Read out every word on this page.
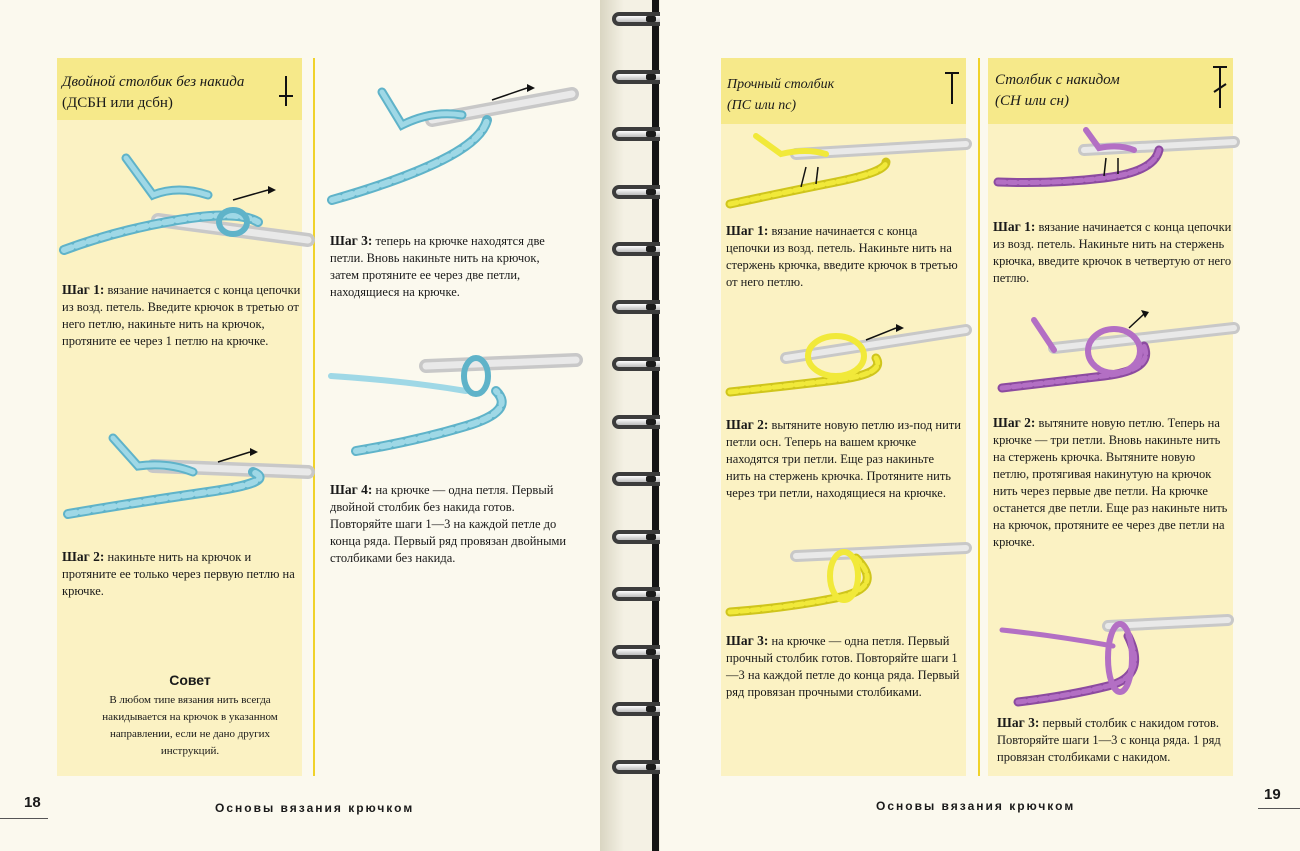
Двойной столбик без накида
(ДСБН или дсбн)
Шаг 1: вязание начинается с конца цепочки из возд. петель. Введите крючок в третью от него петлю, накиньте нить на крючок, протяните ее через 1 петлю на крючке.
Шаг 2: накиньте нить на крючок и протяните ее только через первую петлю на крючке.
Совет
В любом типе вязания нить всегда накидывается на крючок в указанном направлении, если не дано других инструкций.
Шаг 3: теперь на крючке находятся две петли. Вновь накиньте нить на крючок, затем протяните ее через две петли, находящиеся на крючке.
Шаг 4: на крючке — одна петля. Первый двойной столбик без накида готов. Повторяйте шаги 1—3 на каждой петле до конца ряда. Первый ряд провязан двойными столбиками без накида.
18	Основы вязания крючком
Прочный столбик
(ПС или пс)
Столбик с накидом
(СН или сн)
Шаг 1: вязание начинается с конца цепочки из возд. петель. Накиньте нить на стержень крючка, введите крючок в третью от него петлю.
Шаг 2: вытяните новую петлю из-под нити петли осн. Теперь на вашем крючке находятся три петли. Еще раз накиньте нить на стержень крючка. Протяните нить через три петли, находящиеся на крючке.
Шаг 3: на крючке — одна петля. Первый прочный столбик готов. Повторяйте шаги 1—3 на каждой петле до конца ряда. Первый ряд провязан прочными столбиками.
Шаг 1: вязание начинается с конца цепочки из возд. петель. Накиньте нить на стержень крючка, введите крючок в четвертую от него петлю.
Шаг 2: вытяните новую петлю. Теперь на крючке — три петли. Вновь накиньте нить на стержень крючка. Вытяните новую петлю, протягивая накинутую на крючок нить через первые две петли. На крючке останется две петли. Еще раз накиньте нить на крючок, протяните ее через две петли на крючке.
Шаг 3: первый столбик с накидом готов. Повторяйте шаги 1—3 с конца ряда. 1 ряд провязан столбиками с накидом.
Основы вязания крючком
19
